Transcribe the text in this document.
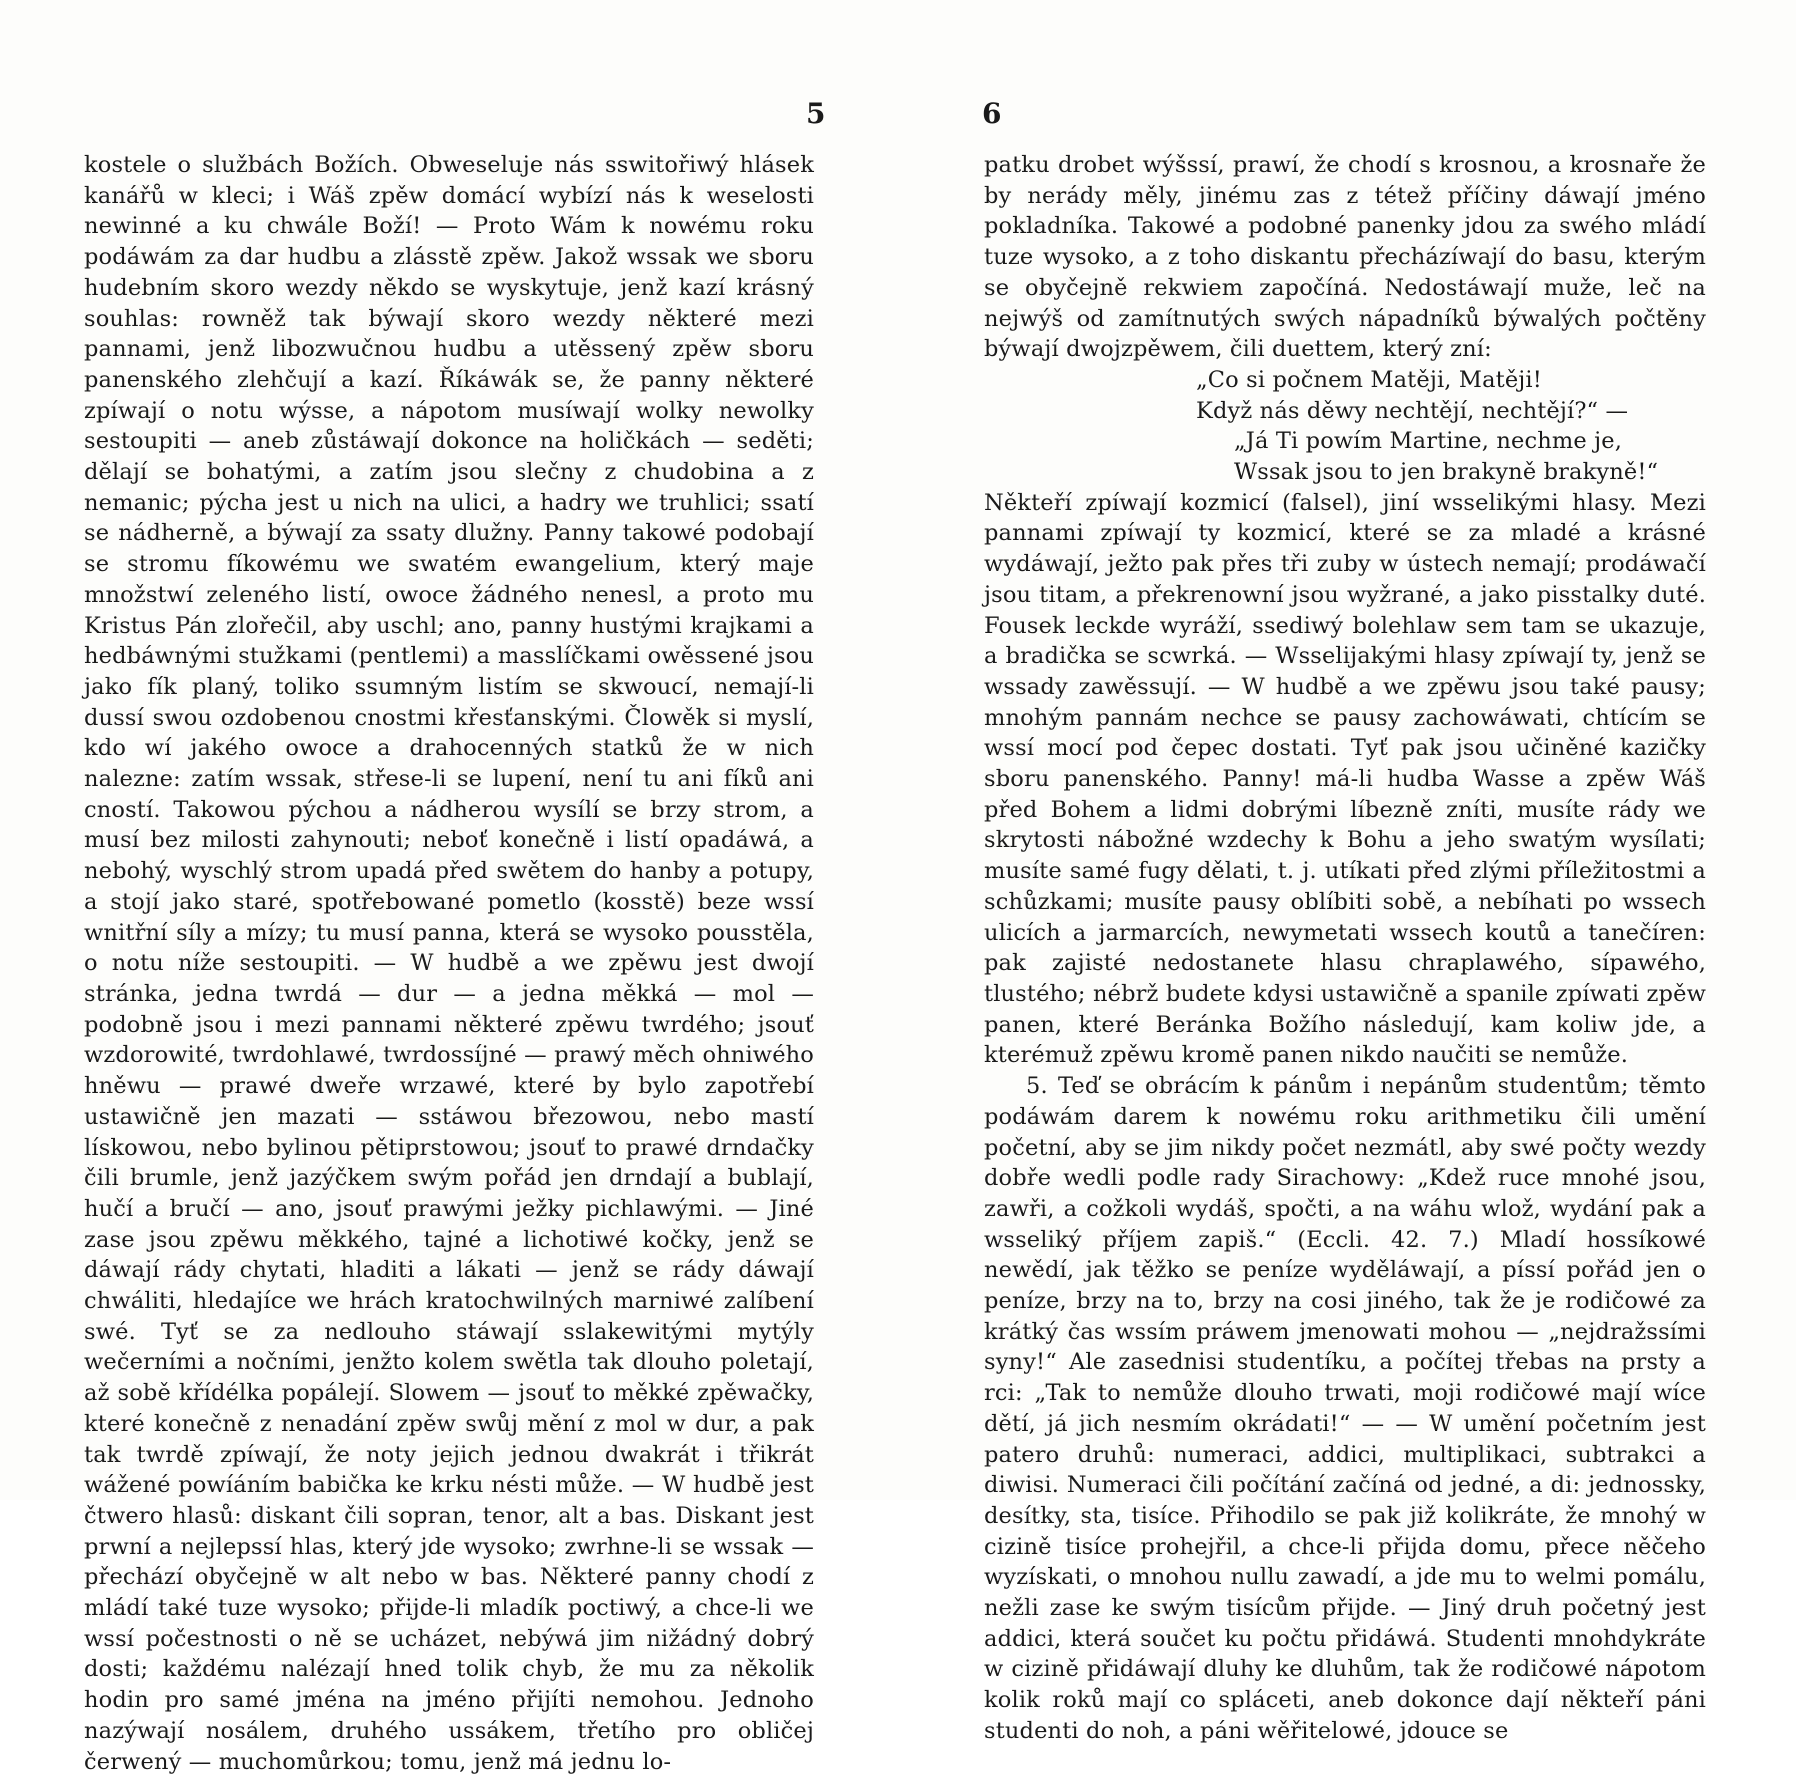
5

kostele o službách Božích. Obweseluje nás sswitořiwý hlásek kanářů w kleci; i Wáš zpěw domácí wybízí nás k weselosti newinné a ku chwále Boží! — Proto Wám k nowému roku podáwám za dar hudbu a zlásstě zpěw. Jakož wssak we sboru hudebním skoro wezdy někdo se wyskytuje, jenž kazí krásný souhlas: rowněž tak býwají skoro wezdy některé mezi pannami, jenž libozwučnou hudbu a utěssený zpěw sboru panenského zlehčují a kazí. Říkáwák se, že panny některé zpíwají o notu wýsse, a nápotom musíwají wolky newolky sestoupiti — aneb zůstáwají dokonce na holičkách — seděti; dělají se bohatými, a zatím jsou slečny z chudobina a z nemanic; pýcha jest u nich na ulici, a hadry we truhlici; ssatí se nádherně, a býwají za ssaty dlužny. Panny takowé podobají se stromu fíkowému we swatém ewangelium, který maje množstwí zeleného listí, owoce žádného nenesl, a proto mu Kristus Pán zlořečil, aby uschl; ano, panny hustými krajkami a hedbáwnými stužkami (pentlemi) a masslíčkami owěssené jsou jako fík planý, toliko ssumným listím se skwoucí, nemají-li dussí swou ozdobenou cnostmi křesťanskými. Člowěk si myslí, kdo wí jakého owoce a drahocenných statků že w nich nalezne: zatím wssak, střese-li se lupení, není tu ani fíků ani cností. Takowou pýchou a nádherou wysílí se brzy strom, a musí bez milosti zahynouti; neboť konečně i listí opadáwá, a nebohý, wyschlý strom upadá před swětem do hanby a potupy, a stojí jako staré, spotřebowané pometlo (kosstě) beze wssí wnitřní síly a mízy; tu musí panna, která se wysoko pousstěla, o notu níže sestoupiti. — W hudbě a we zpěwu jest dwojí stránka, jedna twrdá — dur — a jedna měkká — mol — podobně jsou i mezi pannami některé zpěwu twrdého; jsouť wzdorowité, twrdohlawé, twrdossíjné — prawý měch ohniwého hněwu — prawé dweře wrzawé, které by bylo zapotřebí ustawičně jen mazati — sstáwou březowou, nebo mastí lískowou, nebo bylinou pětiprstowou; jsouť to prawé drndačky čili brumle, jenž jazýčkem swým pořád jen drndají a bublají, hučí a bručí — ano, jsouť prawými ježky pichlawými. — Jiné zase jsou zpěwu měkkého, tajné a lichotiwé kočky, jenž se dáwají rády chytati, hladiti a lákati — jenž se rády dáwají chwáliti, hledajíce we hrách kratochwilných marniwé zalíbení swé. Tyť se za nedlouho stáwají sslakewitými mytýly wečerními a nočními, jenžto kolem swětla tak dlouho poletají, až sobě křídélka popálejí. Slowem — jsouť to měkké zpěwačky, které konečně z nenadání zpěw swůj mění z mol w dur, a pak tak twrdě zpíwají, že noty jejich jednou dwakrát i třikrát wážené powíáním babička ke krku nésti může. — W hudbě jest čtwero hlasů: diskant čili sopran, tenor, alt a bas. Diskant jest prwní a nejlepssí hlas, který jde wysoko; zwrhne-li se wssak — přechází obyčejně w alt nebo w bas. Některé panny chodí z mládí také tuze wysoko; přijde-li mladík poctiwý, a chce-li we wssí počestnosti o ně se ucházet, nebýwá jim nižádný dobrý dosti; každému nalézají hned tolik chyb, že mu za několik hodin pro samé jména na jméno přijíti nemohou. Jednoho nazýwají nosálem, druhého ussákem, třetího pro obličej čerwený — muchomůrkou; tomu, jenž má jednu lo-

6

patku drobet wýšssí, prawí, že chodí s krosnou, a krosnaře že by nerády měly, jinému zas z tétež příčiny dáwají jméno pokladníka. Takowé a podobné panenky jdou za swého mládí tuze wysoko, a z toho diskantu přecházíwají do basu, kterým se obyčejně rekwiem započíná. Nedostáwají muže, leč na nejwýš od zamítnutých swých nápadníků býwalých počtěny býwají dwojzpěwem, čili duettem, který zní:

„Co si počnem Matěji, Matěji!

Když nás děwy nechtějí, nechtějí?“ —

„Já Ti powím Martine, nechme je,

Wssak jsou to jen brakyně brakyně!“

Někteří zpíwají kozmicí (falsel), jiní wsselikými hlasy. Mezi pannami zpíwají ty kozmicí, které se za mladé a krásné wydáwají, ježto pak přes tři zuby w ústech nemají; prodáwačí jsou titam, a překrenowní jsou wyžrané, a jako pisstalky duté. Fousek leckde wyráží, ssediwý bolehlaw sem tam se ukazuje, a bradička se scwrká. — Wsselijakými hlasy zpíwají ty, jenž se wssady zawěssují. — W hudbě a we zpěwu jsou také pausy; mnohým pannám nechce se pausy zachowáwati, chtícím se wssí mocí pod čepec dostati. Tyť pak jsou učiněné kazičky sboru panenského. Panny! má-li hudba Wasse a zpěw Wáš před Bohem a lidmi dobrými líbezně zníti, musíte rády we skrytosti nábožné wzdechy k Bohu a jeho swatým wysílati; musíte samé fugy dělati, t. j. utíkati před zlými příležitostmi a schůzkami; musíte pausy oblíbiti sobě, a nebíhati po wssech ulicích a jarmarcích, newymetati wssech koutů a tanečíren: pak zajisté nedostanete hlasu chraplawého, sípawého, tlustého; nébrž budete kdysi ustawičně a spanile zpíwati zpěw panen, které Beránka Božího následují, kam koliw jde, a kterémuž zpěwu kromě panen nikdo naučiti se nemůže.

5. Teď se obrácím k pánům i nepánům studentům; těmto podáwám darem k nowému roku arithmetiku čili umění početní, aby se jim nikdy počet nezmátl, aby swé počty wezdy dobře wedli podle rady Sirachowy: „Kdež ruce mnohé jsou, zawři, a cožkoli wydáš, spočti, a na wáhu wlož, wydání pak a wsseliký příjem zapiš.“ (Eccli. 42. 7.) Mladí hossíkowé newědí, jak těžko se peníze wyděláwají, a píssí pořád jen o peníze, brzy na to, brzy na cosi jiného, tak že je rodičowé za krátký čas wssím práwem jmenowati mohou — „nejdražssími syny!“ Ale zasednisi studentíku, a počítej třebas na prsty a rci: „Tak to nemůže dlouho trwati, moji rodičowé mají wíce dětí, já jich nesmím okrádati!“ — — W umění početním jest patero druhů: numeraci, addici, multiplikaci, subtrakci a diwisi. Numeraci čili počítání začíná od jedné, a di: jednossky, desítky, sta, tisíce. Přihodilo se pak již kolikráte, že mnohý w cizině tisíce prohejřil, a chce-li přijda domu, přece něčeho wyzískati, o mnohou nullu zawadí, a jde mu to welmi pomálu, nežli zase ke swým tisícům přijde. — Jiný druh početný jest addici, která součet ku počtu přidáwá. Studenti mnohdykráte w cizině přidáwají dluhy ke dluhům, tak že rodičowé nápotom kolik roků mají co spláceti, aneb dokonce dají někteří páni studenti do noh, a páni wěřitelowé, jdouce se
